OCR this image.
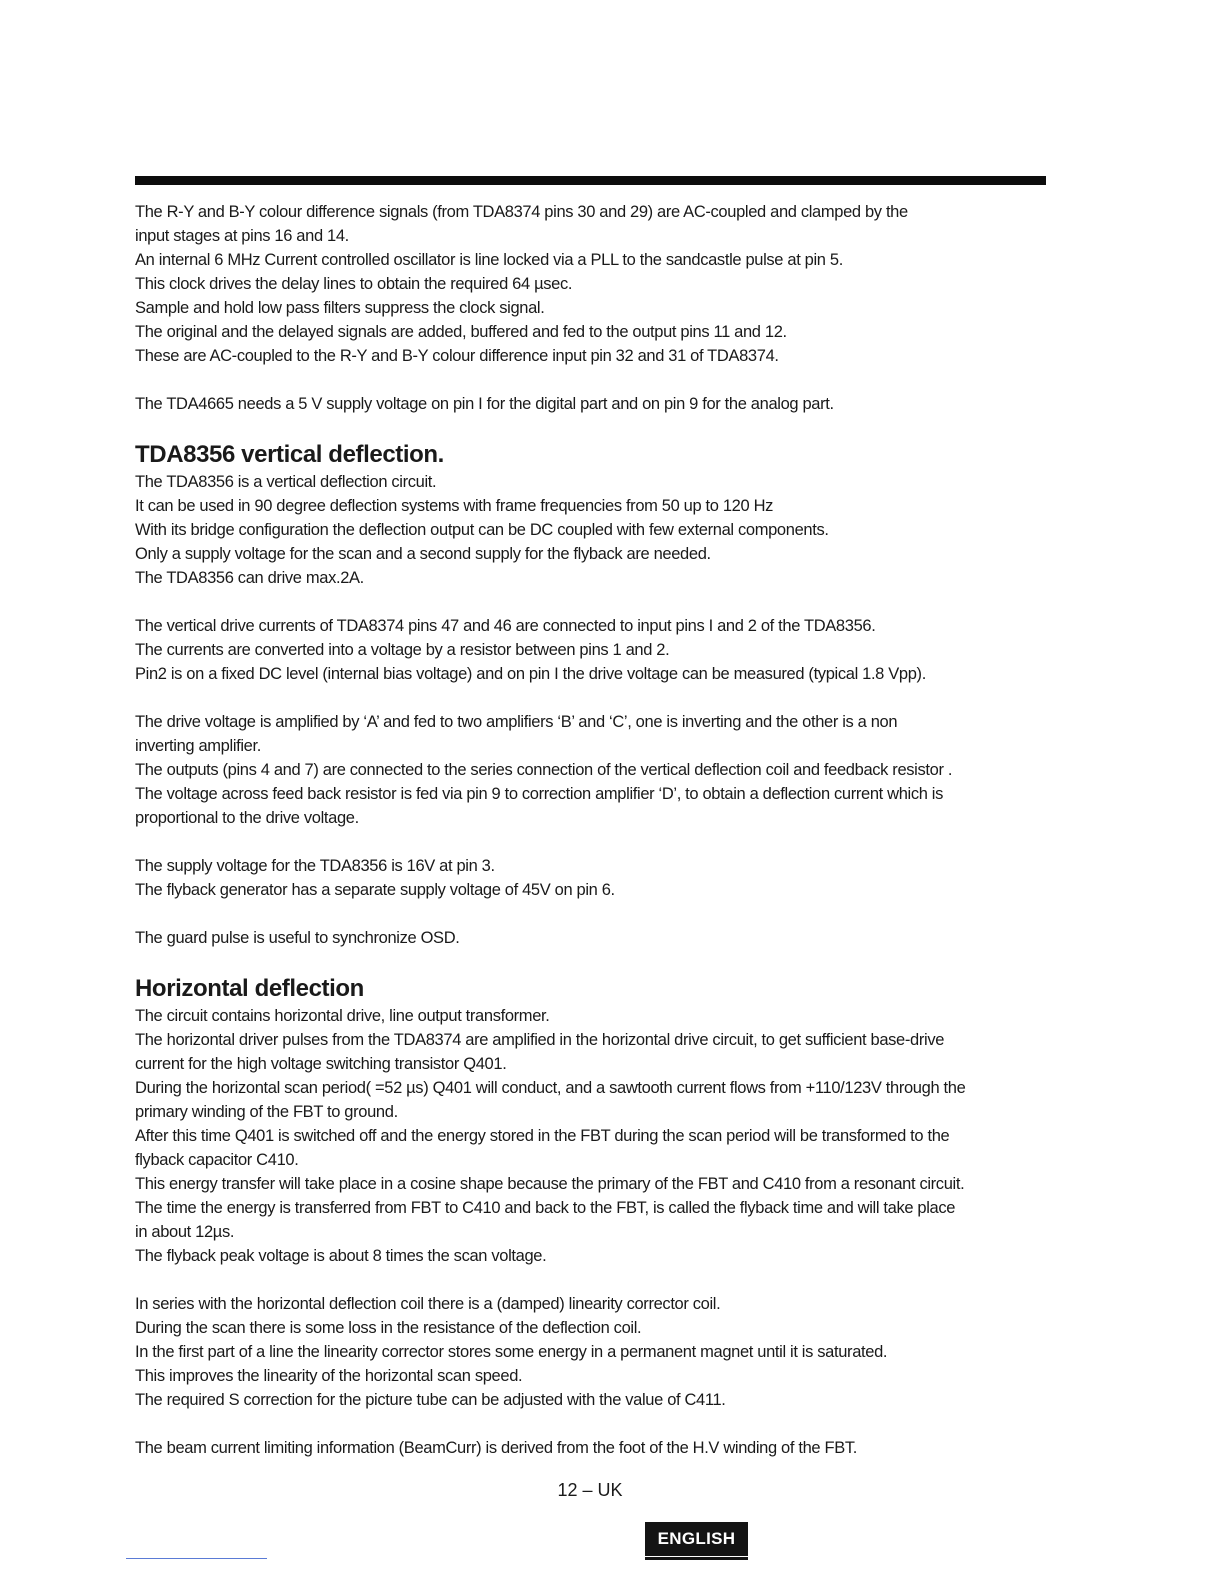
The R-Y and B-Y colour difference signals (from TDA8374 pins 30 and 29) are AC-coupled and clamped by the
input stages at pins 16 and 14.
An internal 6 MHz Current controlled oscillator is line locked via a PLL to the sandcastle pulse at pin 5.
This clock drives the delay lines to obtain the required 64 µsec.
Sample and hold low pass filters suppress the clock signal.
The original and the delayed signals are added, buffered and fed to the output pins 11 and 12.
These are AC-coupled to the R-Y and B-Y colour difference input pin 32 and 31 of TDA8374.
The TDA4665 needs a 5 V supply voltage on pin I for the digital part and on pin 9 for the analog part.
TDA8356 vertical deflection.
The TDA8356 is a vertical deflection circuit.
It can be used in 90 degree deflection systems with frame frequencies from 50 up to 120 Hz
With its bridge configuration the deflection output can be DC coupled with few external components.
Only a supply voltage for the scan and a second supply for the flyback are needed.
The TDA8356 can drive max.2A.
The vertical drive currents of TDA8374 pins 47 and 46 are connected to input pins I and 2 of the TDA8356.
The currents are converted into a voltage by a resistor between pins 1 and 2.
Pin2 is on a fixed DC level (internal bias voltage) and on pin I the drive voltage can be measured (typical 1.8 Vpp).
The drive voltage is amplified by ‘A’ and fed to two amplifiers ‘B’ and ‘C’, one is inverting and the other is a non
inverting amplifier.
The outputs (pins 4 and 7) are connected to the series connection of the vertical deflection coil and feedback resistor .
The voltage across feed back resistor is fed via pin 9 to correction amplifier ‘D’, to obtain a deflection current which is
proportional to the drive voltage.
The supply voltage for the TDA8356 is 16V at pin 3.
The flyback generator has a separate supply voltage of 45V on pin 6.
The guard pulse is useful to synchronize OSD.
Horizontal deflection
The circuit contains horizontal drive, line output transformer.
The horizontal driver pulses from the TDA8374 are amplified in the horizontal drive circuit, to get sufficient base-drive
current for the high voltage switching transistor Q401.
During the horizontal scan period( =52 µs) Q401 will conduct, and a sawtooth current flows from +110/123V through the
primary winding of the FBT to ground.
After this time Q401 is switched off and the energy stored in the FBT during the scan period will be transformed to the
flyback capacitor C410.
This energy transfer will take place in a cosine shape because the primary of the FBT and C410 from a resonant circuit.
The time the energy is transferred from FBT to C410 and back to the FBT, is called the flyback time and will take place
in about 12µs.
The flyback peak voltage is about 8 times the scan voltage.
In series with the horizontal deflection coil there is a (damped) linearity corrector coil.
During the scan there is some loss in the resistance of the deflection coil.
In the first part of a line the linearity corrector stores some energy in a permanent magnet until it is saturated.
This improves the linearity of the horizontal scan speed.
The required S correction for the picture tube can be adjusted with the value of C411.
The beam current limiting information (BeamCurr) is derived from the foot of the H.V winding of the FBT.
12 – UK
ENGLISH
